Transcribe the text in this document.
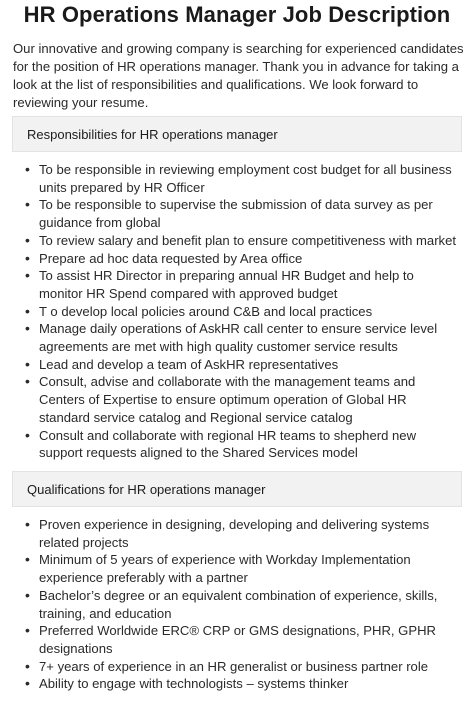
HR Operations Manager Job Description

Our innovative and growing company is searching for experienced candidates for the position of HR operations manager. Thank you in advance for taking a look at the list of responsibilities and qualifications. We look forward to reviewing your resume.

Responsibilities for HR operations manager
• To be responsible in reviewing employment cost budget for all business units prepared by HR Officer
• To be responsible to supervise the submission of data survey as per guidance from global
• To review salary and benefit plan to ensure competitiveness with market
• Prepare ad hoc data requested by Area office
• To assist HR Director in preparing annual HR Budget and help to monitor HR Spend compared with approved budget
• T o develop local policies around C&B and local practices
• Manage daily operations of AskHR call center to ensure service level agreements are met with high quality customer service results
• Lead and develop a team of AskHR representatives
• Consult, advise and collaborate with the management teams and Centers of Expertise to ensure optimum operation of Global HR standard service catalog and Regional service catalog
• Consult and collaborate with regional HR teams to shepherd new support requests aligned to the Shared Services model
Qualifications for HR operations manager
• Proven experience in designing, developing and delivering systems related projects
• Minimum of 5 years of experience with Workday Implementation experience preferably with a partner
• Bachelor’s degree or an equivalent combination of experience, skills, training, and education
• Preferred Worldwide ERC® CRP or GMS designations, PHR, GPHR designations
• 7+ years of experience in an HR generalist or business partner role
• Ability to engage with technologists – systems thinker
